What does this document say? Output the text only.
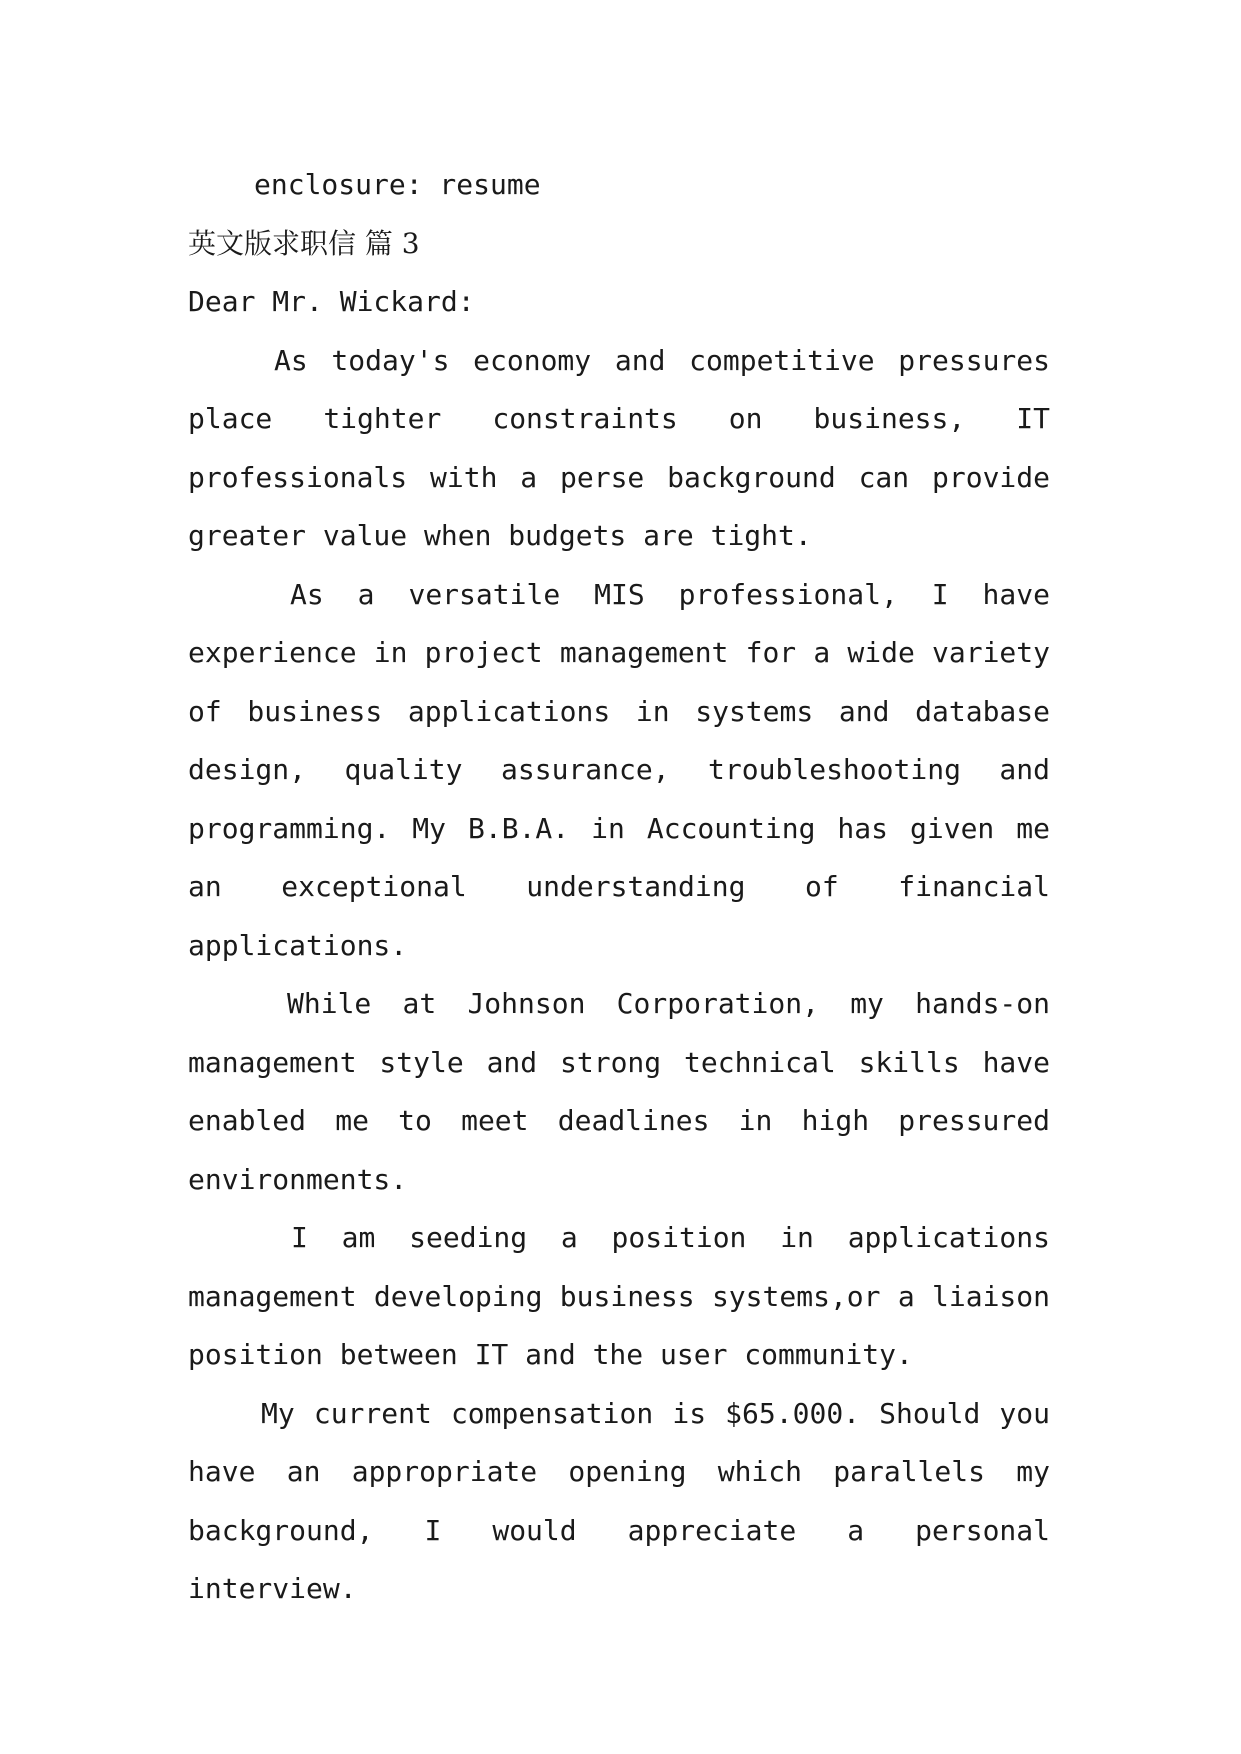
enclosure: resume

英文版求职信 篇 3

Dear Mr. Wickard:

As today's economy and competitive pressures place tighter constraints on business, IT professionals with a perse background can provide greater value when budgets are tight.

As a versatile MIS professional, I have experience in project management for a wide variety of business applications in systems and database design, quality assurance, troubleshooting and programming. My B.B.A. in Accounting has given me an exceptional understanding of financial applications.

While at Johnson Corporation, my hands-on management style and strong technical skills have enabled me to meet deadlines in high pressured environments.

I am seeding a position in applications management developing business systems,or a liaison position between IT and the user community.

My current compensation is $65.000. Should you have an appropriate opening which parallels my background, I would appreciate a personal interview.
